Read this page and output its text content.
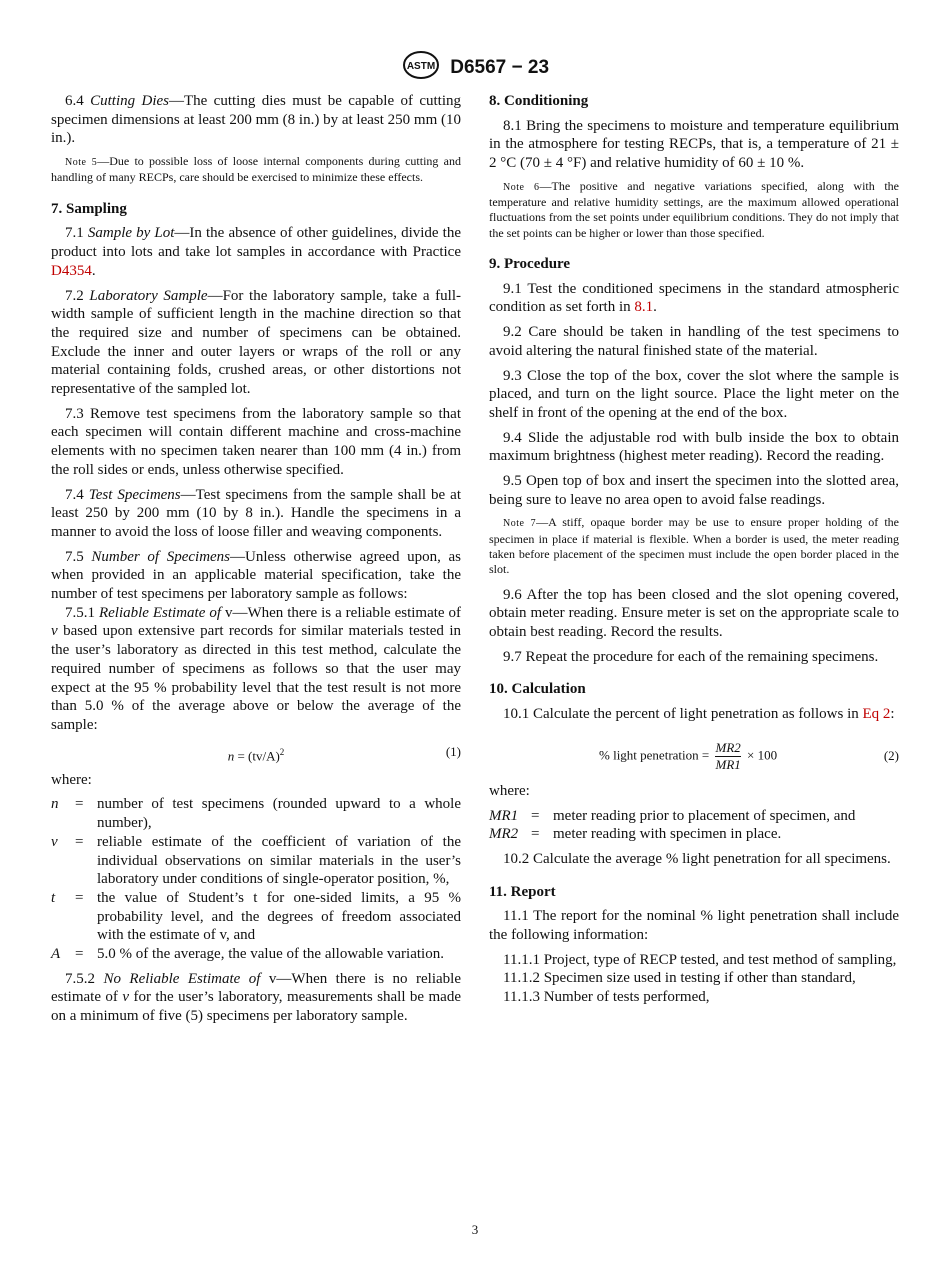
ASTM D6567 − 23

6.4 Cutting Dies—The cutting dies must be capable of cutting specimen dimensions at least 200 mm (8 in.) by at least 250 mm (10 in.).

Note 5—Due to possible loss of loose internal components during cutting and handling of many RECPs, care should be exercised to minimize these effects.
7. Sampling

7.1 Sample by Lot—In the absence of other guidelines, divide the product into lots and take lot samples in accordance with Practice D4354.

7.2 Laboratory Sample—For the laboratory sample, take a full-width sample of sufficient length in the machine direction so that the required size and number of specimens can be obtained. Exclude the inner and outer layers or wraps of the roll or any material containing folds, crushed areas, or other distortions not representative of the sampled lot.

7.3 Remove test specimens from the laboratory sample so that each specimen will contain different machine and cross-machine elements with no specimen taken nearer than 100 mm (4 in.) from the roll sides or ends, unless otherwise specified.

7.4 Test Specimens—Test specimens from the sample shall be at least 250 by 200 mm (10 by 8 in.). Handle the specimens in a manner to avoid the loss of loose filler and weaving components.

7.5 Number of Specimens—Unless otherwise agreed upon, as when provided in an applicable material specification, take the number of test specimens per laboratory sample as follows:

7.5.1 Reliable Estimate of v—When there is a reliable estimate of v based upon extensive part records for similar materials tested in the user’s laboratory as directed in this test method, calculate the required number of specimens as follows so that the user may expect at the 95 % probability level that the test result is not more than 5.0 % of the average above or below the average of the sample:

$n = (tv/A)^2$	(1)

where:

n	=	number of test specimens (rounded upward to a whole number),
v	=	reliable estimate of the coefficient of variation of the individual observations on similar materials in the user’s laboratory under conditions of single-operator position, %,
t	=	the value of Student’s t for one-sided limits, a 95 % probability level, and the degrees of freedom associated with the estimate of v, and
A	=	5.0 % of the average, the value of the allowable variation.

7.5.2 No Reliable Estimate of v—When there is no reliable estimate of v for the user’s laboratory, measurements shall be made on a minimum of five (5) specimens per laboratory sample.

8. Conditioning

8.1 Bring the specimens to moisture and temperature equilibrium in the atmosphere for testing RECPs, that is, a temperature of 21 ± 2 °C (70 ± 4 °F) and relative humidity of 60 ± 10 %.

Note 6—The positive and negative variations specified, along with the temperature and relative humidity settings, are the maximum allowed operational fluctuations from the set points under equilibrium conditions. They do not imply that the set points can be higher or lower than those specified.
9. Procedure

9.1 Test the conditioned specimens in the standard atmospheric condition as set forth in 8.1.

9.2 Care should be taken in handling of the test specimens to avoid altering the natural finished state of the material.

9.3 Close the top of the box, cover the slot where the sample is placed, and turn on the light source. Place the light meter on the shelf in front of the opening at the end of the box.

9.4 Slide the adjustable rod with bulb inside the box to obtain maximum brightness (highest meter reading). Record the reading.

9.5 Open top of box and insert the specimen into the slotted area, being sure to leave no area open to avoid false readings.

Note 7—A stiff, opaque border may be use to ensure proper holding of the specimen in place if material is flexible. When a border is used, the meter reading taken before placement of the specimen must include the open border placed in the slot.

9.6 After the top has been closed and the slot opening covered, obtain meter reading. Ensure meter is set on the appropriate scale to obtain best reading. Record the results.

9.7 Repeat the procedure for each of the remaining specimens.

10. Calculation

10.1 Calculate the percent of light penetration as follows in Eq 2:

% light penetration = $\frac{MR2}{MR1} \times 100$	(2)

where:

MR1	=	meter reading prior to placement of specimen, and
MR2	=	meter reading with specimen in place.

10.2 Calculate the average % light penetration for all specimens.

11. Report

11.1 The report for the nominal % light penetration shall include the following information:

11.1.1 Project, type of RECP tested, and test method of sampling,

11.1.2 Specimen size used in testing if other than standard,

11.1.3 Number of tests performed,

3
